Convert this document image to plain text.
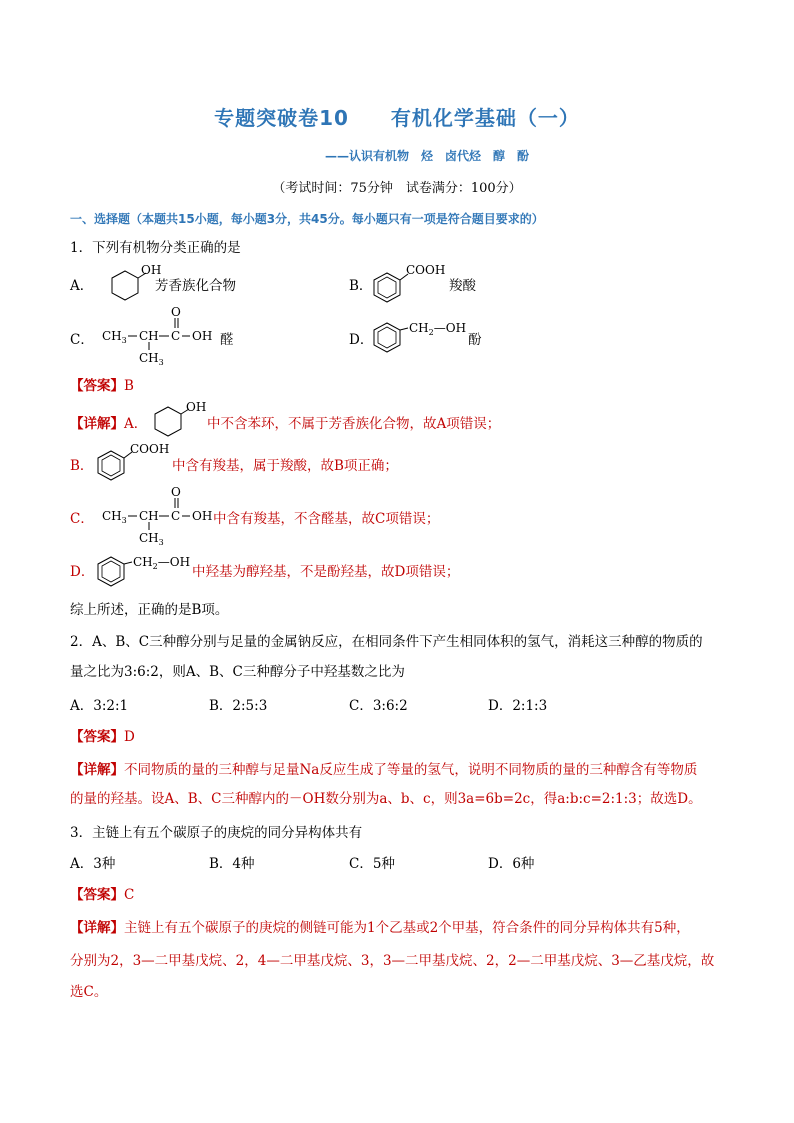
专题突破卷10　　有机化学基础（一）
——认识有机物　烃　卤代烃　醇　酚
（考试时间：75分钟　试卷满分：100分）
一、选择题（本题共15小题，每小题3分，共45分。每小题只有一项是符合题目要求的）
1．下列有机物分类正确的是
A．
OH
芳香族化合物	B．
COOH
羧酸
C． $CH_3$ CH C
O
OH
$CH_3$
醛	D．
$CH_2—OH$
酚
【答案】B
【详解】A．
OH
中不含苯环，不属于芳香族化合物，故A项错误；
B．
COOH
中含有羧基，属于羧酸，故B项正确；
C． $CH_3$ CH C
O
OH
$CH_3$
中含有羧基，不含醛基，故C项错误；
D．
$CH_2—OH$
中羟基为醇羟基，不是酚羟基，故D项错误；
综上所述，正确的是B项。
2．A、B、C三种醇分别与足量的金属钠反应，在相同条件下产生相同体积的氢气，消耗这三种醇的物质的
量之比为3:6:2，则A、B、C三种醇分子中羟基数之比为
A．3:2:1	B．2:5:3	C．3:6:2	D．2:1:3
【答案】D
【详解】不同物质的量的三种醇与足量Na反应生成了等量的氢气，说明不同物质的量的三种醇含有等物质
的量的羟基。设A、B、C三种醇内的－OH数分别为a、b、c，则3a=6b=2c，得a:b:c=2:1:3；故选D。
3．主链上有五个碳原子的庚烷的同分异构体共有
A．3种	B．4种	C．5种	D．6种
【答案】C
【详解】主链上有五个碳原子的庚烷的侧链可能为1个乙基或2个甲基，符合条件的同分异构体共有5种，
分别为2，3—二甲基戊烷、2，4—二甲基戊烷、3，3—二甲基戊烷、2，2—二甲基戊烷、3—乙基戊烷，故
选C。
